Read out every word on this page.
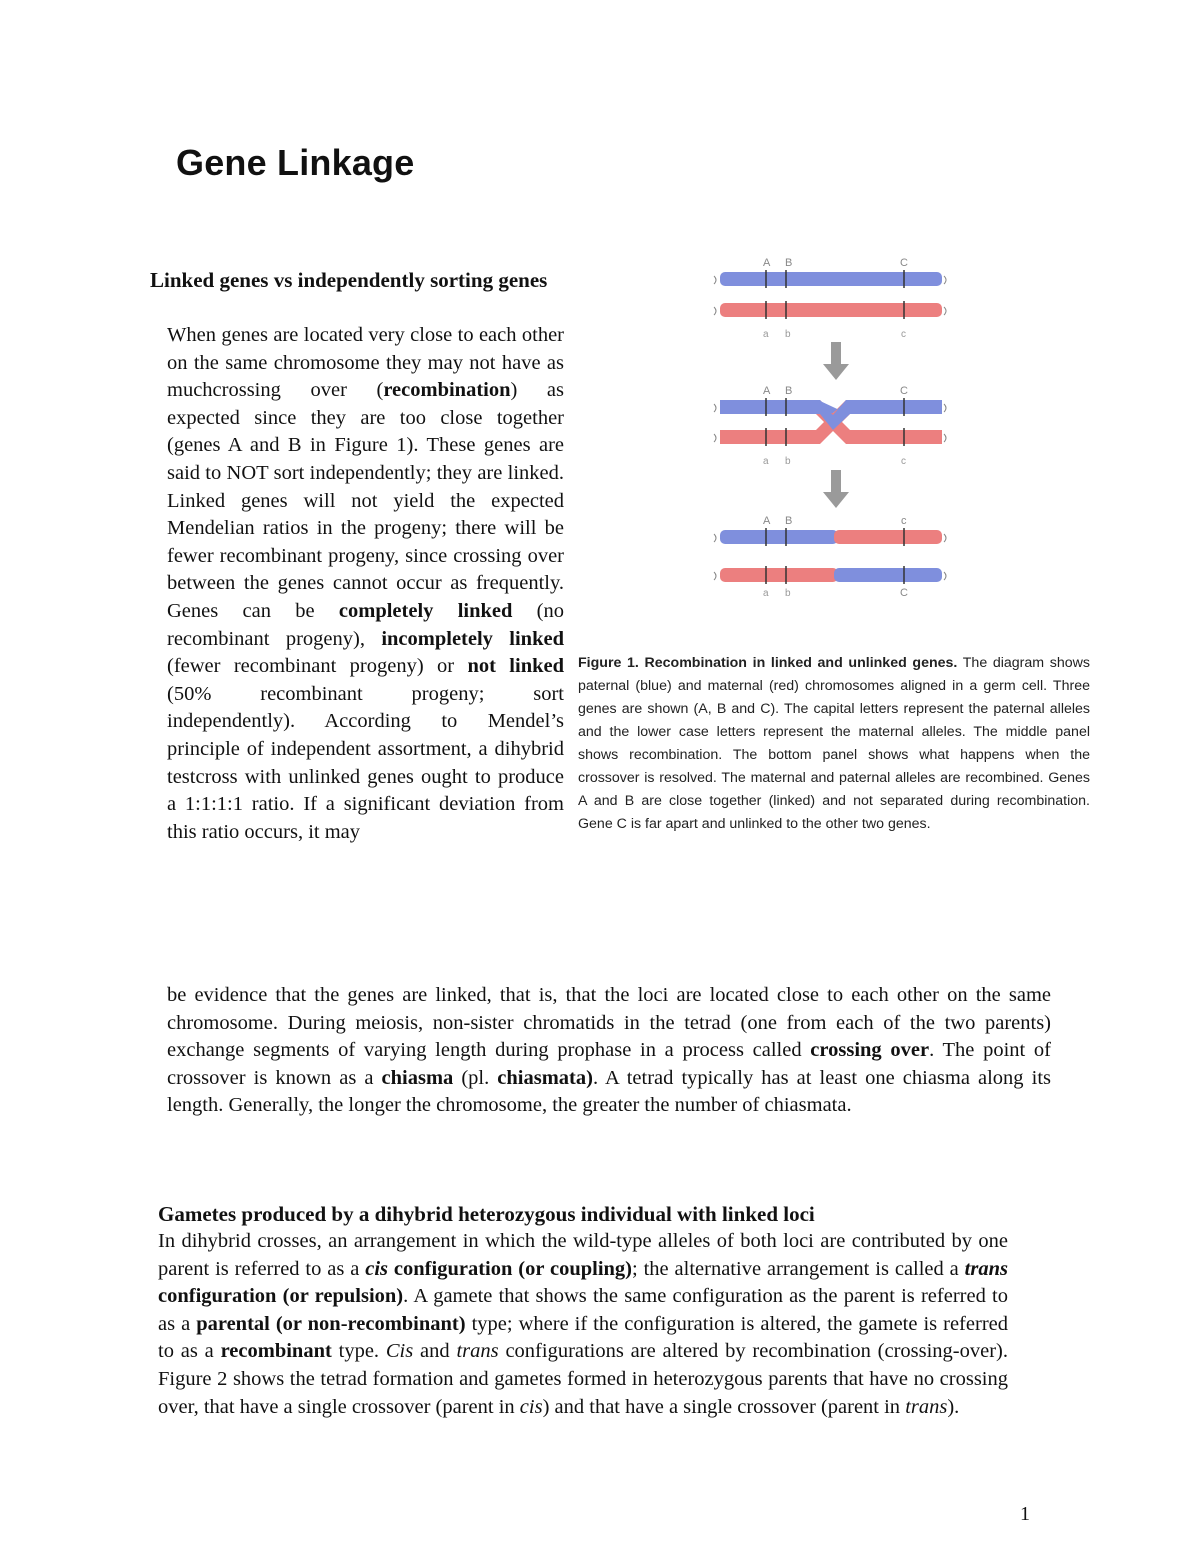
Gene Linkage
Linked genes vs independently sorting genes

When genes are located very close to each other on the same chromosome they may not have as muchcrossing over (recombination) as expected since they are too close together (genes A and B in Figure 1). These genes are said to NOT sort independently; they are linked. Linked genes will not yield the expected Mendelian ratios in the progeny; there will be fewer recombinant progeny, since crossing over between the genes cannot occur as frequently. Genes can be completely linked (no recombinant progeny), incompletely linked (fewer recombinant progeny) or not linked (50% recombinant progeny; sort independently). According to Mendel’s principle of independent assortment, a dihybrid testcross with unlinked genes ought to produce a 1:1:1:1 ratio. If a significant deviation from this ratio occurs, it may

A B	C
a b	c
A B	C
a b	c
A B	c
a b	C

Figure 1. Recombination in linked and unlinked genes. The diagram shows paternal (blue) and maternal (red) chromosomes aligned in a germ cell. Three genes are shown (A, B and C). The capital letters represent the paternal alleles and the lower case letters represent the maternal alleles. The middle panel shows recombination. The bottom panel shows what happens when the crossover is resolved. The maternal and paternal alleles are recombined. Genes A and B are close together (linked) and not separated during recombination. Gene C is far apart and unlinked to the other two genes.

be evidence that the genes are linked, that is, that the loci are located close to each other on the same chromosome. During meiosis, non-sister chromatids in the tetrad (one from each of the two parents) exchange segments of varying length during prophase in a process called crossing over. The point of crossover is known as a chiasma (pl. chiasmata). A tetrad typically has at least one chiasma along its length. Generally, the longer the chromosome, the greater the number of chiasmata.

Gametes produced by a dihybrid heterozygous individual with linked loci

In dihybrid crosses, an arrangement in which the wild-type alleles of both loci are contributed by one parent is referred to as a cis configuration (or coupling); the alternative arrangement is called a trans configuration (or repulsion). A gamete that shows the same configuration as the parent is referred to as a parental (or non-recombinant) type; where if the configuration is altered, the gamete is referred to as a recombinant type. Cis and trans configurations are altered by recombination (crossing-over). Figure 2 shows the tetrad formation and gametes formed in heterozygous parents that have no crossing over, that have a single crossover (parent in cis) and that have a single crossover (parent in trans).

1
